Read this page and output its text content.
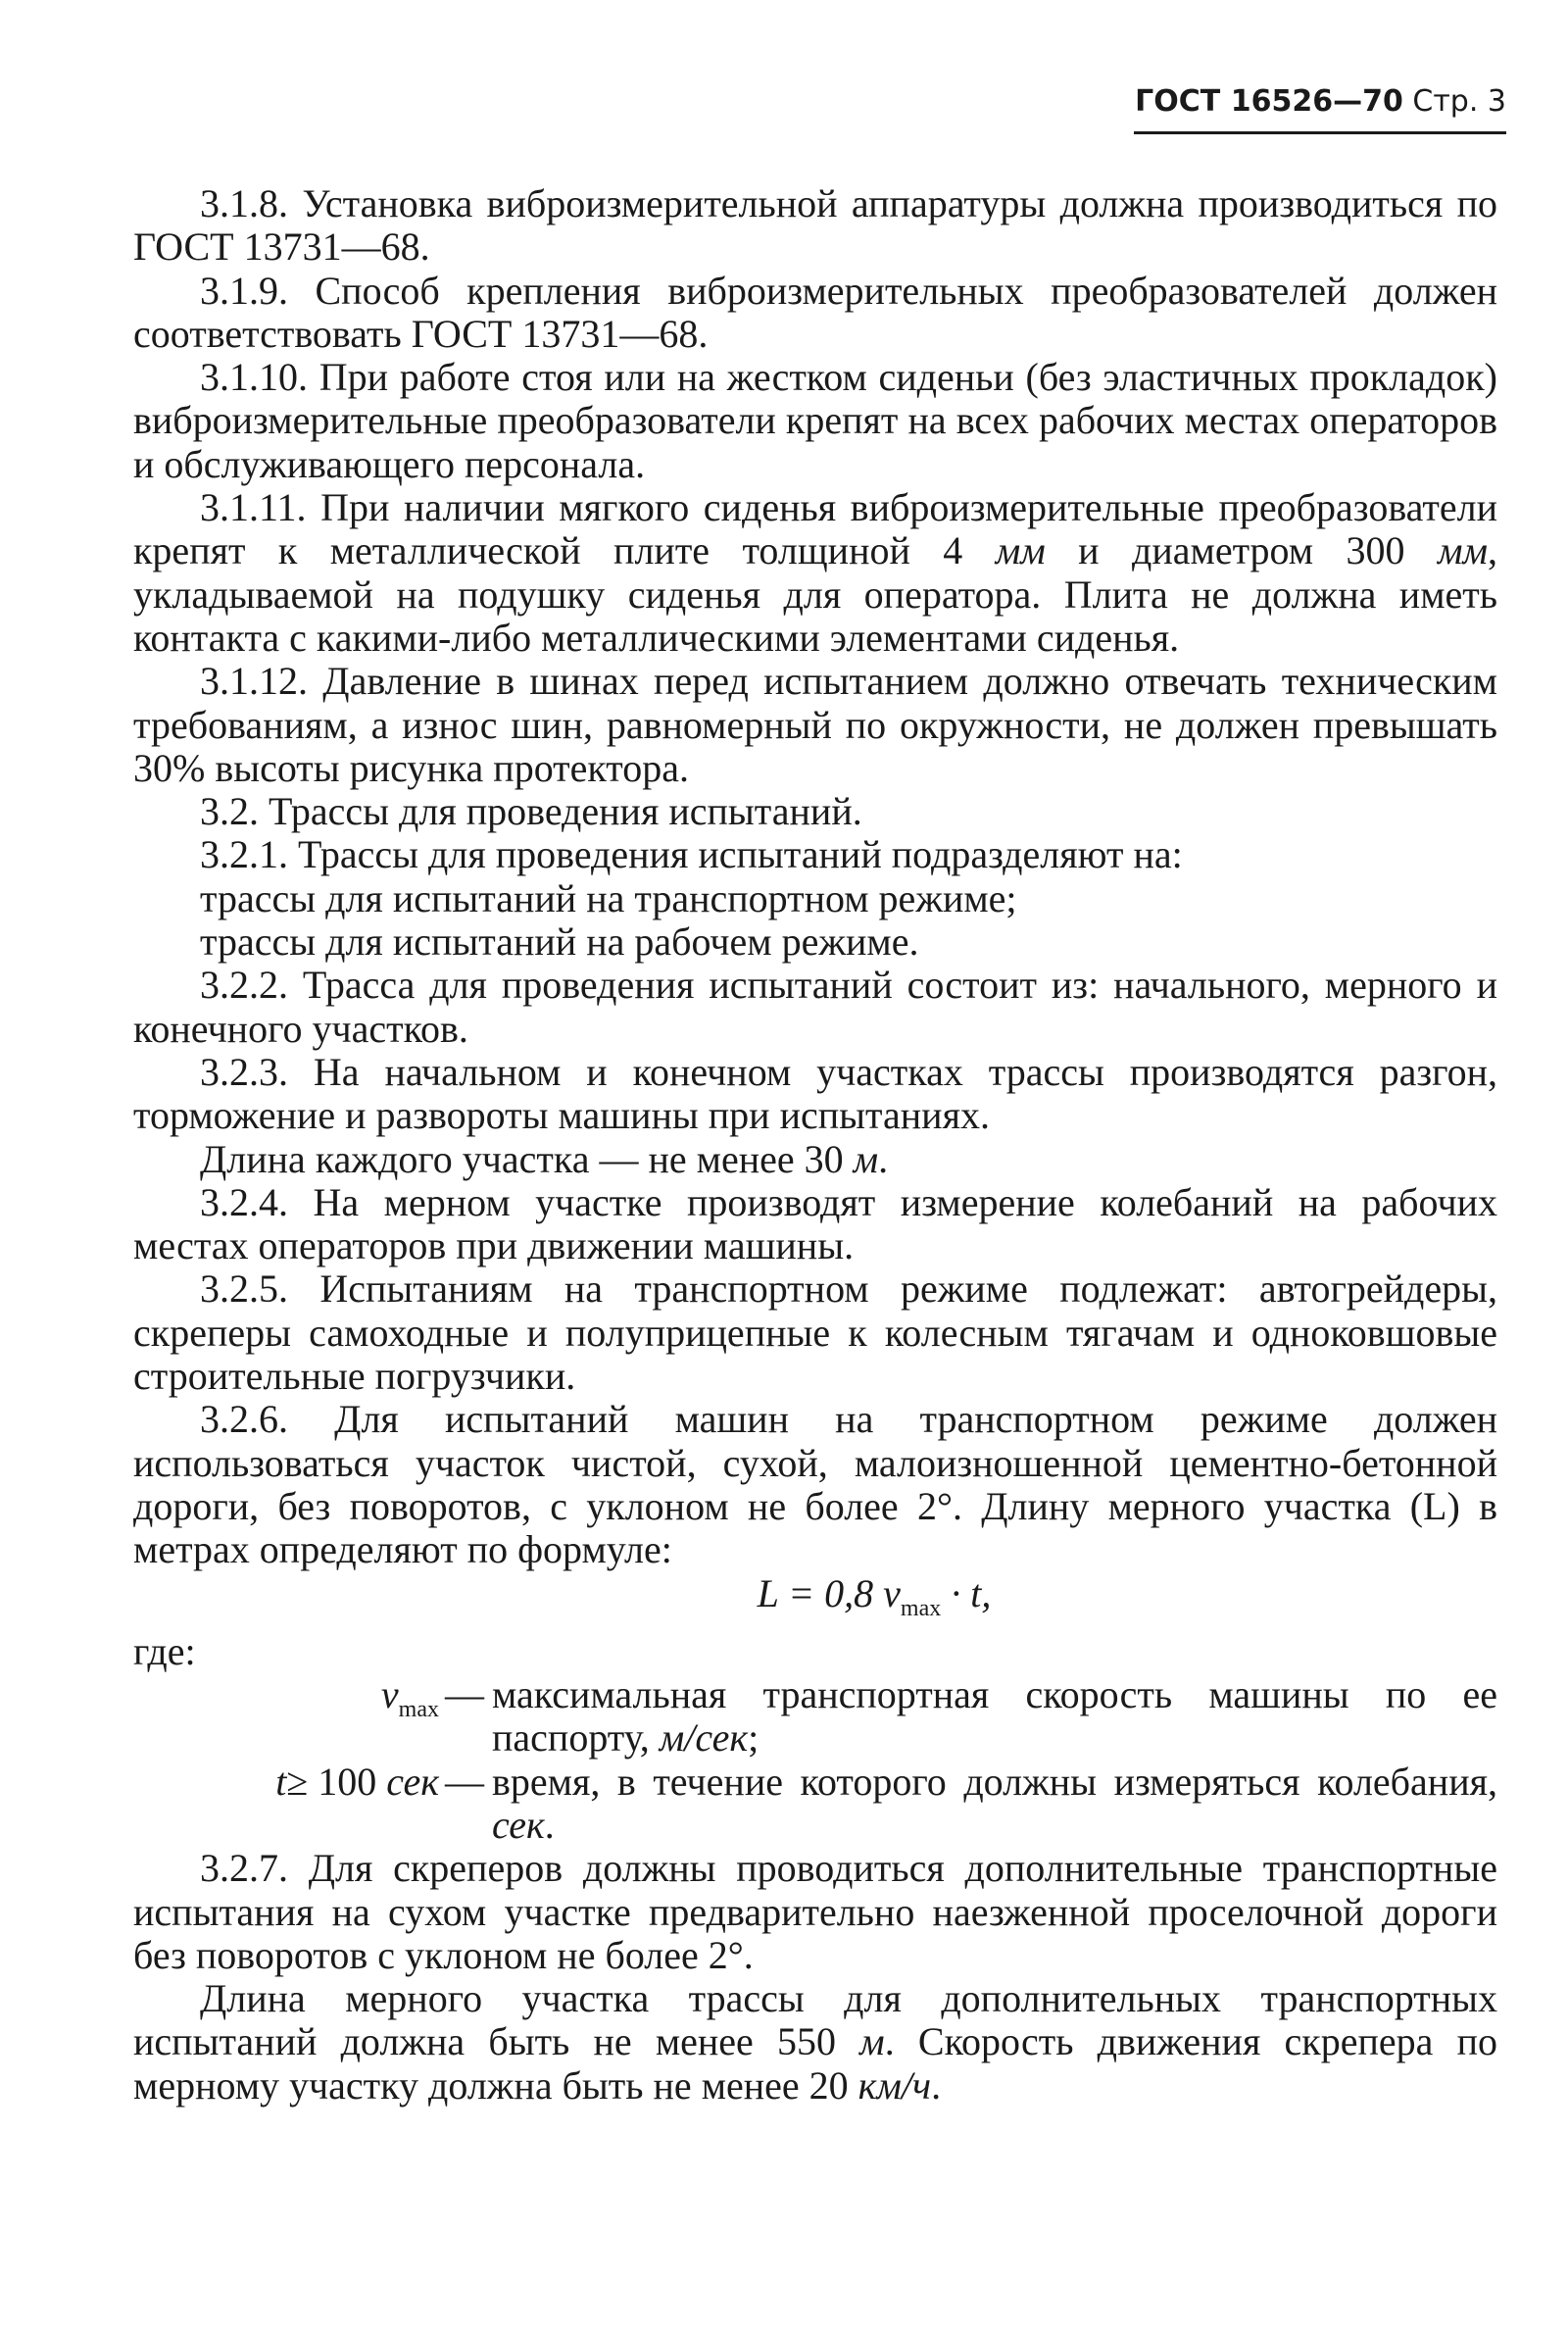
ГОСТ 16526—70 Стр. 3

3.1.8. Установка виброизмерительной аппаратуры должна производиться по ГОСТ 13731—68.

3.1.9. Способ крепления виброизмерительных преобразователей должен соответствовать ГОСТ 13731—68.

3.1.10. При работе стоя или на жестком сиденьи (без эластичных прокладок) виброизмерительные преобразователи крепят на всех рабочих местах операторов и обслуживающего персонала.

3.1.11. При наличии мягкого сиденья виброизмерительные преобразователи крепят к металлической плите толщиной 4 мм и диаметром 300 мм, укладываемой на подушку сиденья для оператора. Плита не должна иметь контакта с какими-либо металлическими элементами сиденья.

3.1.12. Давление в шинах перед испытанием должно отвечать техническим требованиям, а износ шин, равномерный по окружности, не должен превышать 30% высоты рисунка протектора.

3.2. Трассы для проведения испытаний.

3.2.1. Трассы для проведения испытаний подразделяют на:

трассы для испытаний на транспортном режиме;

трассы для испытаний на рабочем режиме.

3.2.2. Трасса для проведения испытаний состоит из: начального, мерного и конечного участков.

3.2.3. На начальном и конечном участках трассы производятся разгон, торможение и развороты машины при испытаниях.

Длина каждого участка — не менее 30 м.

3.2.4. На мерном участке производят измерение колебаний на рабочих местах операторов при движении машины.

3.2.5. Испытаниям на транспортном режиме подлежат: автогрейдеры, скреперы самоходные и полуприцепные к колесным тягачам и одноковшовые строительные погрузчики.

3.2.6. Для испытаний машин на транспортном режиме должен использоваться участок чистой, сухой, малоизношенной цементно-бетонной дороги, без поворотов, с уклоном не более 2°. Длину мерного участка (L) в метрах определяют по формуле:

L = 0,8 $v_{max} \cdot t$,

где:

$v_{max}$ — максимальная транспортная скорость машины по ее паспорту, м/сек;
t≥ 100 сек — время, в течение которого должны измеряться колебания, сек.

3.2.7. Для скреперов должны проводиться дополнительные транспортные испытания на сухом участке предварительно наезженной проселочной дороги без поворотов с уклоном не более 2°.

Длина мерного участка трассы для дополнительных транспортных испытаний должна быть не менее 550 м. Скорость движения скрепера по мерному участку должна быть не менее 20 км/ч.
